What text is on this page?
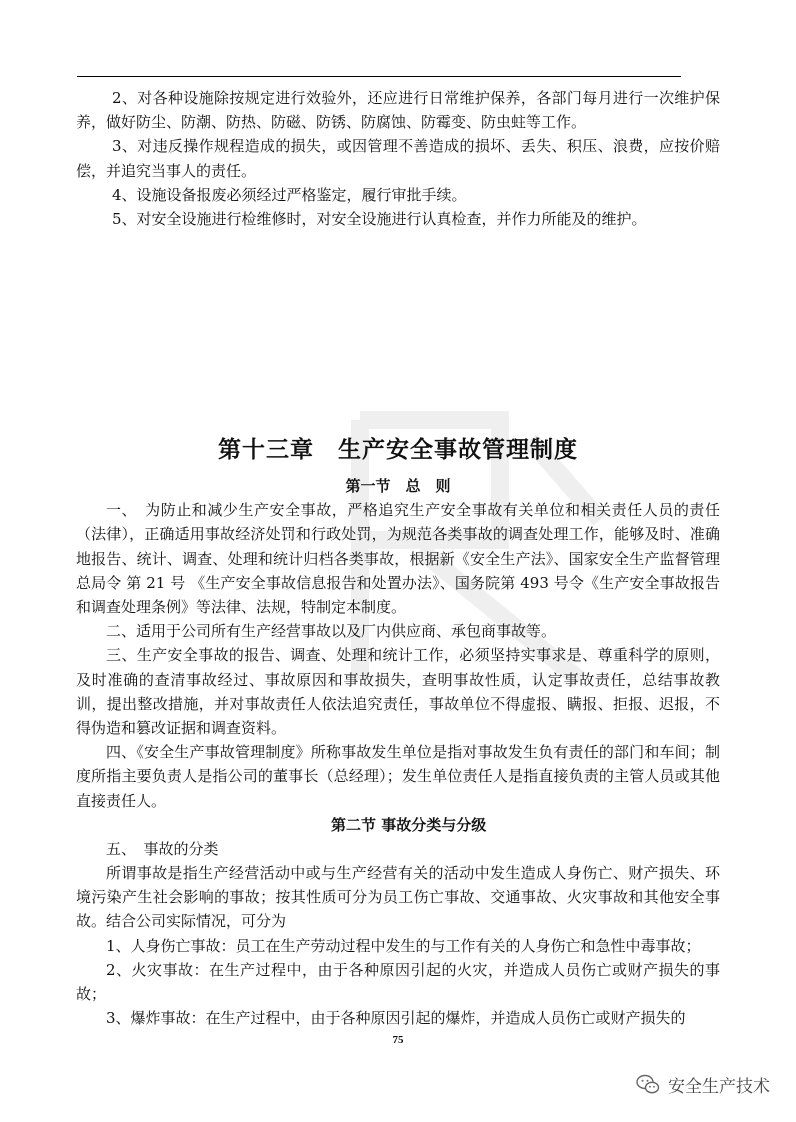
2、对各种设施除按规定进行效验外，还应进行日常维护保养，各部门每月进行一次维护保养，做好防尘、防潮、防热、防磁、防锈、防腐蚀、防霉变、防虫蛀等工作。

3、对违反操作规程造成的损失，或因管理不善造成的损坏、丢失、积压、浪费，应按价赔偿，并追究当事人的责任。

4、设施设备报废必须经过严格鉴定，履行审批手续。

5、对安全设施进行检维修时，对安全设施进行认真检查，并作力所能及的维护。

第十三章　生产安全事故管理制度
第一节　总　则

一、　为防止和减少生产安全事故，严格追究生产安全事故有关单位和相关责任人员的责任（法律），正确适用事故经济处罚和行政处罚，为规范各类事故的调查处理工作，能够及时、准确地报告、统计、调查、处理和统计归档各类事故，根据新《安全生产法》、国家安全生产监督管理总局令 第 21 号 《生产安全事故信息报告和处置办法》、国务院第 493 号令《生产安全事故报告和调查处理条例》等法律、法规，特制定本制度。

二、适用于公司所有生产经营事故以及厂内供应商、承包商事故等。

三、生产安全事故的报告、调查、处理和统计工作，必须坚持实事求是、尊重科学的原则，及时准确的查清事故经过、事故原因和事故损失，查明事故性质，认定事故责任，总结事故教训，提出整改措施，并对事故责任人依法追究责任，事故单位不得虚报、瞒报、拒报、迟报，不得伪造和篡改证据和调查资料。

四、《安全生产事故管理制度》所称事故发生单位是指对事故发生负有责任的部门和车间；制度所指主要负责人是指公司的董事长（总经理）；发生单位责任人是指直接负责的主管人员或其他直接责任人。

第二节 事故分类与分级

五、　事故的分类

所谓事故是指生产经营活动中或与生产经营有关的活动中发生造成人身伤亡、财产损失、环境污染产生社会影响的事故；按其性质可分为员工伤亡事故、交通事故、火灾事故和其他安全事故。结合公司实际情况，可分为

1、人身伤亡事故：员工在生产劳动过程中发生的与工作有关的人身伤亡和急性中毒事故；

2、火灾事故：在生产过程中，由于各种原因引起的火灾，并造成人员伤亡或财产损失的事故；

3、爆炸事故：在生产过程中，由于各种原因引起的爆炸，并造成人员伤亡或财产损失的

75
安全生产技术
